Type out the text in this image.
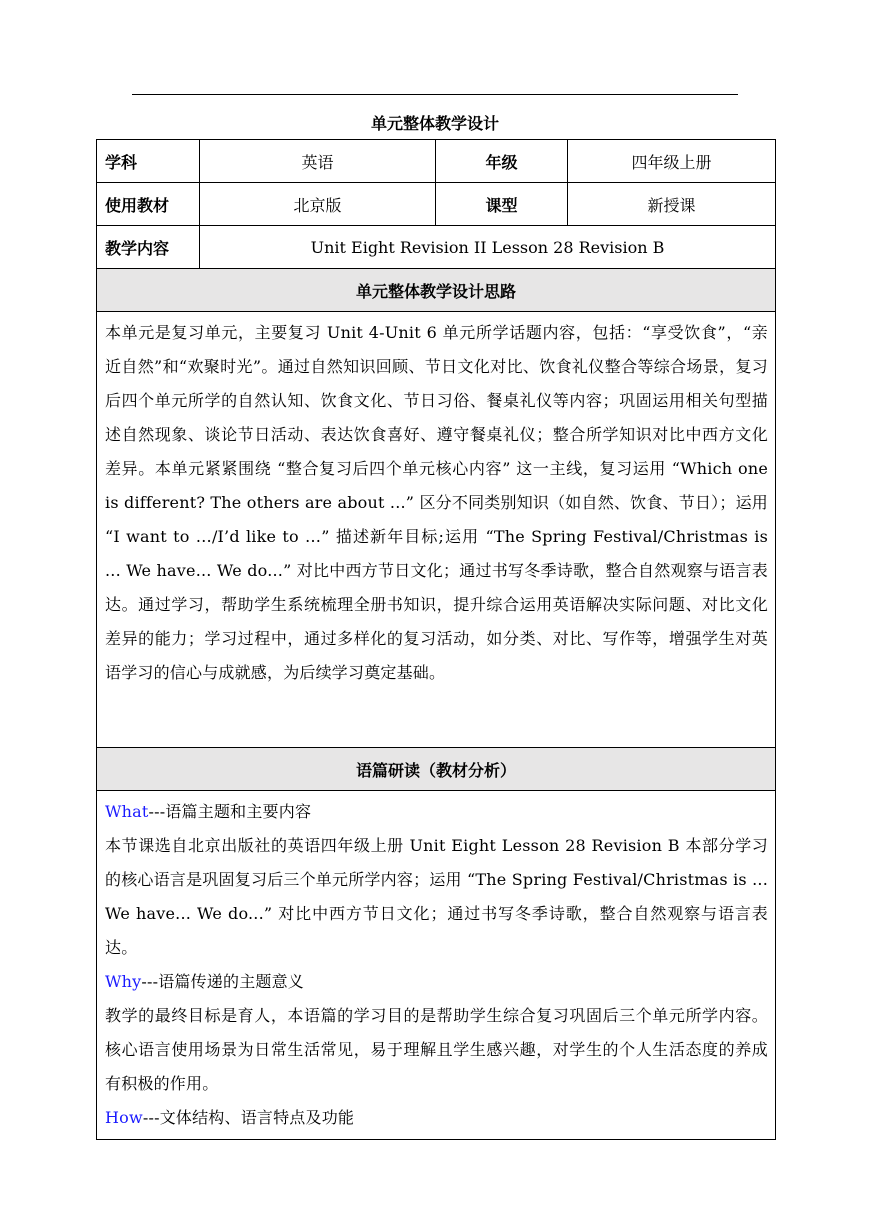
单元整体教学设计
学科	英语	年级	四年级上册
使用教材	北京版	课型	新授课
教学内容	Unit Eight Revision II Lesson 28 Revision B		
单元整体教学设计思路			

本单元是复习单元，主要复习 Unit 4-Unit 6 单元所学话题内容，包括：“享受饮食”，“亲近自然”和“欢聚时光”。通过自然知识回顾、节日文化对比、饮食礼仪整合等综合场景，复习后四个单元所学的自然认知、饮食文化、节日习俗、餐桌礼仪等内容；巩固运用相关句型描述自然现象、谈论节日活动、表达饮食喜好、遵守餐桌礼仪；整合所学知识对比中西方文化差异。本单元紧紧围绕 “整合复习后四个单元核心内容” 这一主线，复习运用 “Which one is different? The others are about ...” 区分不同类别知识（如自然、饮食、节日）；运用 “I want to …/I’d like to …” 描述新年目标;运用 “The Spring Festival/Christmas is ... We have... We do...” 对比中西方节日文化；通过书写冬季诗歌，整合自然观察与语言表达。通过学习，帮助学生系统梳理全册书知识，提升综合运用英语解决实际问题、对比文化差异的能力；学习过程中，通过多样化的复习活动，如分类、对比、写作等，增强学生对英语学习的信心与成就感，为后续学习奠定基础。			

语篇研读（教材分析）			

What---语篇主题和主要内容

本节课选自北京出版社的英语四年级上册 Unit Eight Lesson 28 Revision B 本部分学习的核心语言是巩固复习后三个单元所学内容；运用 “The Spring Festival/Christmas is ... We have... We do...” 对比中西方节日文化；通过书写冬季诗歌，整合自然观察与语言表达。

Why---语篇传递的主题意义

教学的最终目标是育人，本语篇的学习目的是帮助学生综合复习巩固后三个单元所学内容。核心语言使用场景为日常生活常见，易于理解且学生感兴趣，对学生的个人生活态度的养成有积极的作用。

How---文体结构、语言特点及功能			
